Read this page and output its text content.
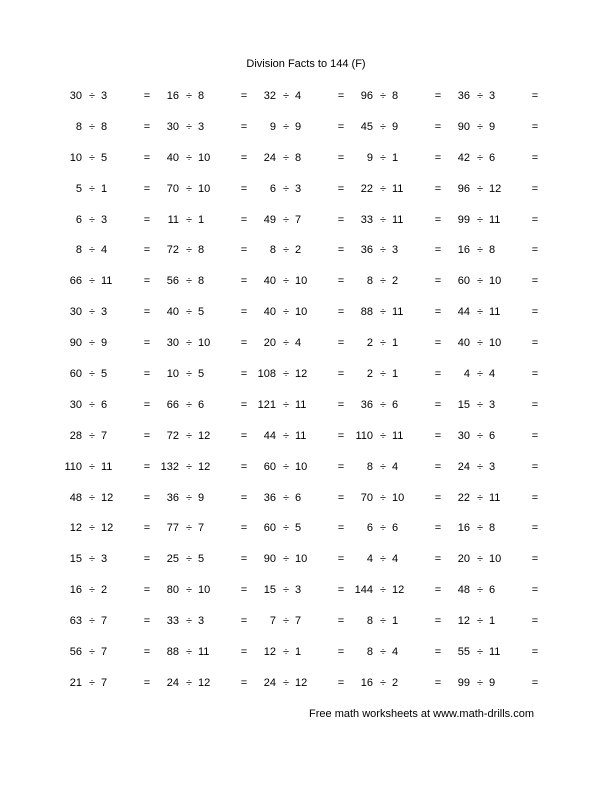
Division Facts to 144 (F)
30 ÷ 3	=	16 ÷ 8	=	32 ÷ 4	=	96 ÷ 8	=	36 ÷ 3	=
8 ÷ 8	=	30 ÷ 3	=	9 ÷ 9	=	45 ÷ 9	=	90 ÷ 9	=
10 ÷ 5	=	40 ÷ 10	=	24 ÷ 8	=	9 ÷ 1	=	42 ÷ 6	=
5 ÷ 1	=	70 ÷ 10	=	6 ÷ 3	=	22 ÷ 11	=	96 ÷ 12	=
6 ÷ 3	=	11 ÷ 1	=	49 ÷ 7	=	33 ÷ 11	=	99 ÷ 11	=
8 ÷ 4	=	72 ÷ 8	=	8 ÷ 2	=	36 ÷ 3	=	16 ÷ 8	=
66 ÷ 11	=	56 ÷ 8	=	40 ÷ 10	=	8 ÷ 2	=	60 ÷ 10	=
30 ÷ 3	=	40 ÷ 5	=	40 ÷ 10	=	88 ÷ 11	=	44 ÷ 11	=
90 ÷ 9	=	30 ÷ 10	=	20 ÷ 4	=	2 ÷ 1	=	40 ÷ 10	=
60 ÷ 5	=	10 ÷ 5	= 108 ÷ 12	=	2 ÷ 1	=	4 ÷ 4	=
30 ÷ 6	=	66 ÷ 6	= 121 ÷ 11	=	36 ÷ 6	=	15 ÷ 3	=
28 ÷ 7	=	72 ÷ 12	=	44 ÷ 11	=	110 ÷ 11	=	30 ÷ 6	=
110 ÷ 11	= 132 ÷ 12	=	60 ÷ 10	=	8 ÷ 4	=	24 ÷ 3	=
48 ÷ 12	=	36 ÷ 9	=	36 ÷ 6	=	70 ÷ 10	=	22 ÷ 11	=
12 ÷ 12	=	77 ÷ 7	=	60 ÷ 5	=	6 ÷ 6	=	16 ÷ 8	=
15 ÷ 3	=	25 ÷ 5	=	90 ÷ 10	=	4 ÷ 4	=	20 ÷ 10	=
16 ÷ 2	=	80 ÷ 10	=	15 ÷ 3	= 144 ÷ 12	=	48 ÷ 6	=
63 ÷ 7	=	33 ÷ 3	=	7 ÷ 7	=	8 ÷ 1	=	12 ÷ 1	=
56 ÷ 7	=	88 ÷ 11	=	12 ÷ 1	=	8 ÷ 4	=	55 ÷ 11	=
21 ÷ 7	=	24 ÷ 12	=	24 ÷ 12	=	16 ÷ 2	=	99 ÷ 9	=
Free math worksheets at www.math-drills.com
